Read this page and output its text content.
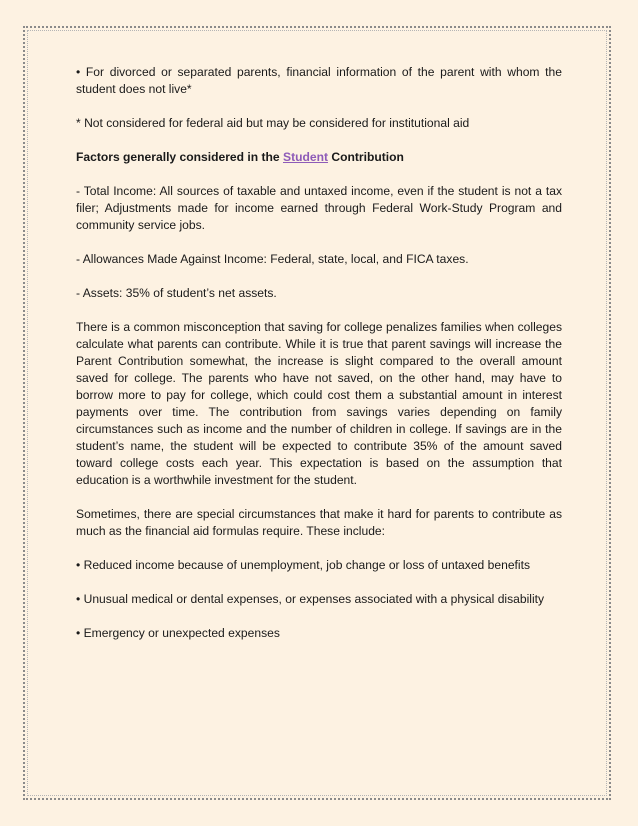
• For divorced or separated parents, financial information of the parent with whom the student does not live*

* Not considered for federal aid but may be considered for institutional aid

Factors generally considered in the Student Contribution

- Total Income: All sources of taxable and untaxed income, even if the student is not a tax filer; Adjustments made for income earned through Federal Work-Study Program and community service jobs.

- Allowances Made Against Income: Federal, state, local, and FICA taxes.

- Assets: 35% of student’s net assets.

There is a common misconception that saving for college penalizes families when colleges calculate what parents can contribute. While it is true that parent savings will increase the Parent Contribution somewhat, the increase is slight compared to the overall amount saved for college. The parents who have not saved, on the other hand, may have to borrow more to pay for college, which could cost them a substantial amount in interest payments over time. The contribution from savings varies depending on family circumstances such as income and the number of children in college. If savings are in the student’s name, the student will be expected to contribute 35% of the amount saved toward college costs each year. This expectation is based on the assumption that education is a worthwhile investment for the student.

Sometimes, there are special circumstances that make it hard for parents to contribute as much as the financial aid formulas require. These include:

• Reduced income because of unemployment, job change or loss of untaxed benefits

• Unusual medical or dental expenses, or expenses associated with a physical disability

• Emergency or unexpected expenses
